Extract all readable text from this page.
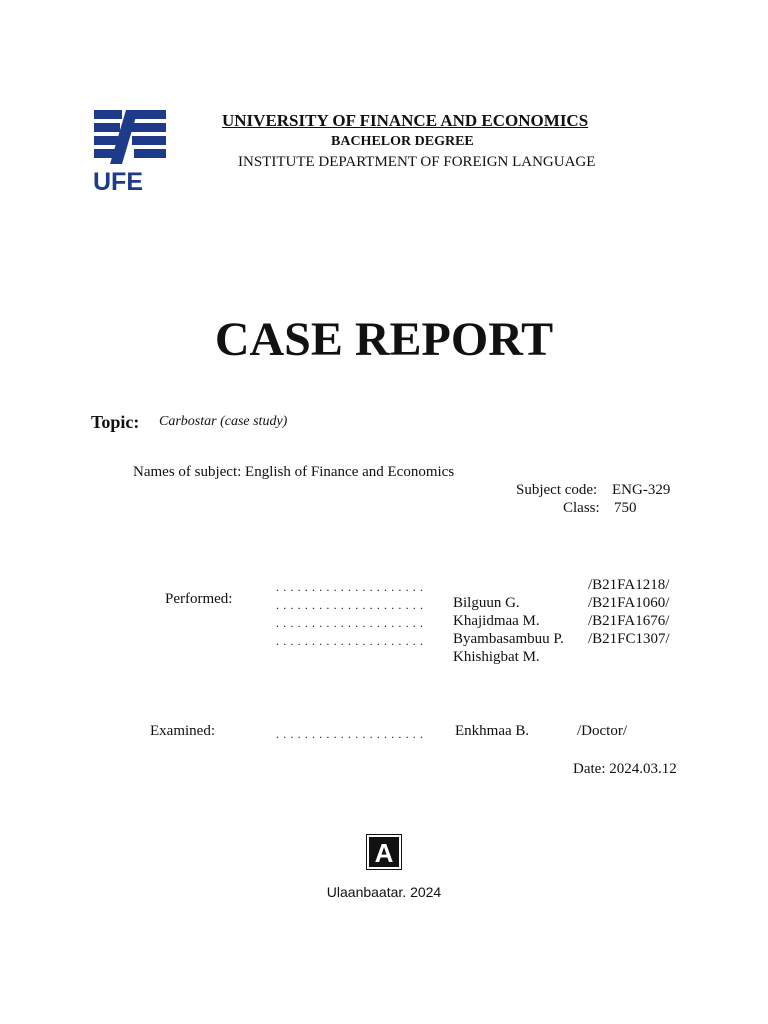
UFE
UNIVERSITY OF FINANCE AND ECONOMICS
BACHELOR DEGREE
INSTITUTE DEPARTMENT OF FOREIGN LANGUAGE
CASE REPORT
Topic: Carbostar (case study)
Names of subject: English of Finance and Economics
Subject code: ENG-329
Class: 750
Performed:
. . . . . . . . . . . . . . . . . . . . .
. . . . . . . . . . . . . . . . . . . . .
. . . . . . . . . . . . . . . . . . . . .
. . . . . . . . . . . . . . . . . . . . .
Bilguun G.
Khajidmaa M.
Byambasambuu P.
Khishigbat M.
/B21FA1218/
/B21FA1060/
/B21FA1676/
/B21FC1307/
Examined:	. . . . . . . . . . . . . . . . . . . . . Enkhmaa B.	/Doctor/
Date: 2024.03.12
A
Ulaanbaatar. 2024
